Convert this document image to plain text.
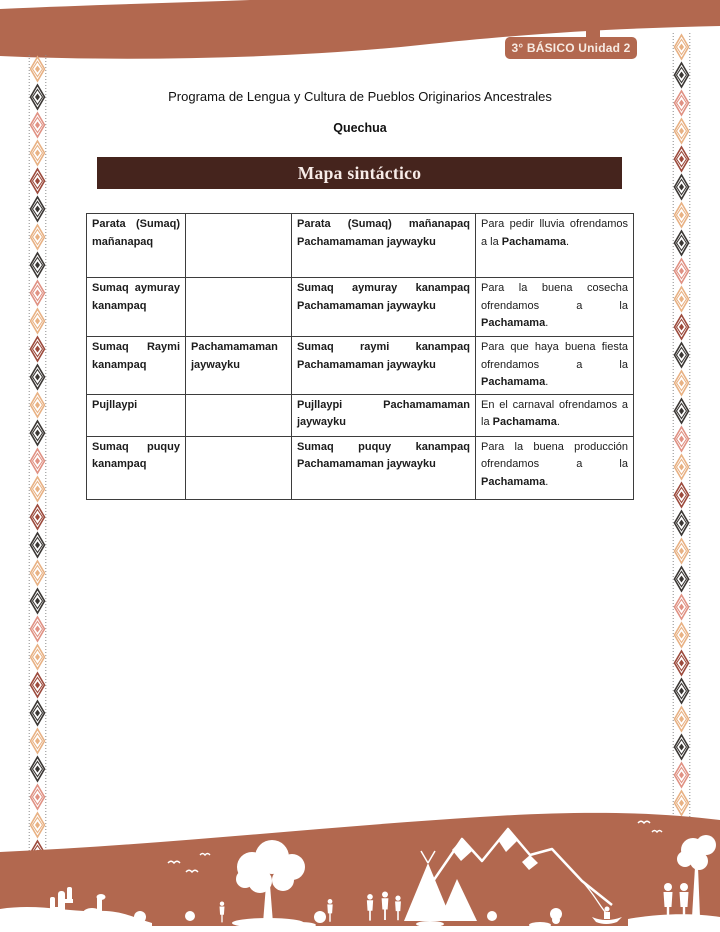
3° BÁSICO Unidad 2
Programa de Lengua y Cultura de Pueblos Originarios Ancestrales
Quechua
Mapa sintáctico
Parata (Sumaq) mañanapaq		Parata (Sumaq) mañanapaq Pachamamaman jaywayku	Para pedir lluvia ofrendamos a la Pachamama.
Sumaq aymuray kanampaq		Sumaq aymuray kanampaq Pachamamaman jaywayku	Para la buena cosecha ofrendamos a la Pachamama.
Sumaq Raymi kanampaq	Pachamamaman jaywayku	Sumaq raymi kanampaq Pachamamaman jaywayku	Para que haya buena fiesta ofrendamos a la Pachamama.
Pujllaypi		Pujllaypi Pachamamaman jaywayku	En el carnaval ofrendamos a la Pachamama.
Sumaq puquy kanampaq		Sumaq puquy kanampaq Pachamamaman jaywayku	Para la buena producción ofrendamos a la Pachamama.
